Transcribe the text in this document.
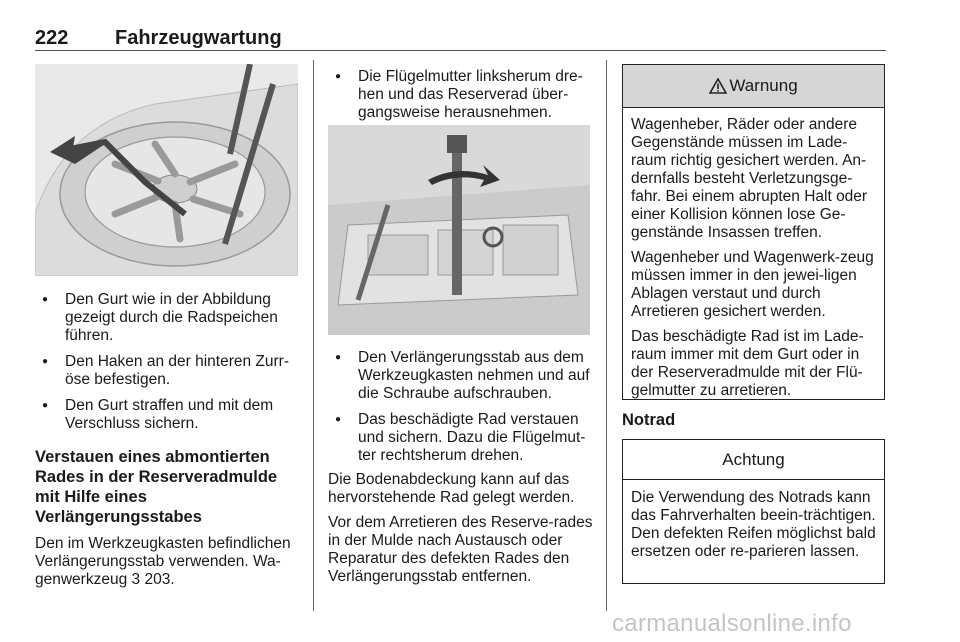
222 Fahrzeugwartung
● Den Gurt wie in der Abbildung gezeigt durch die Radspeichen führen.
● Den Haken an der hinteren Zurr-öse befestigen.
● Den Gurt straffen und mit dem Verschluss sichern.
Verstauen eines abmontierten Rades in der Reserveradmulde mit Hilfe eines Verlängerungsstabes
Den im Werkzeugkasten befindlichen Verlängerungsstab verwenden. Wa-genwerkzeug 3 203.
● Die Flügelmutter linksherum dre-hen und das Reserverad über-gangsweise herausnehmen.
● Den Verlängerungsstab aus dem Werkzeugkasten nehmen und auf die Schraube aufschrauben.
● Das beschädigte Rad verstauen und sichern. Dazu die Flügelmut-ter rechtsherum drehen.
Die Bodenabdeckung kann auf das hervorstehende Rad gelegt werden.
Vor dem Arretieren des Reserve-rades in der Mulde nach Austausch oder Reparatur des defekten Rades den Verlängerungsstab entfernen.
Warnung

Wagenheber, Räder oder andere Gegenstände müssen im Lade-raum richtig gesichert werden. An-dernfalls besteht Verletzungsge-fahr. Bei einem abrupten Halt oder einer Kollision können lose Ge-genstände Insassen treffen.

Wagenheber und Wagenwerk-zeug müssen immer in den jewei-ligen Ablagen verstaut und durch Arretieren gesichert werden.

Das beschädigte Rad ist im Lade-raum immer mit dem Gurt oder in der Reserveradmulde mit der Flü-gelmutter zu arretieren.

Notrad
Achtung
Die Verwendung des Notrads kann das Fahrverhalten beein-trächtigen. Den defekten Reifen möglichst bald ersetzen oder re-parieren lassen.
carmanualsonline.info
